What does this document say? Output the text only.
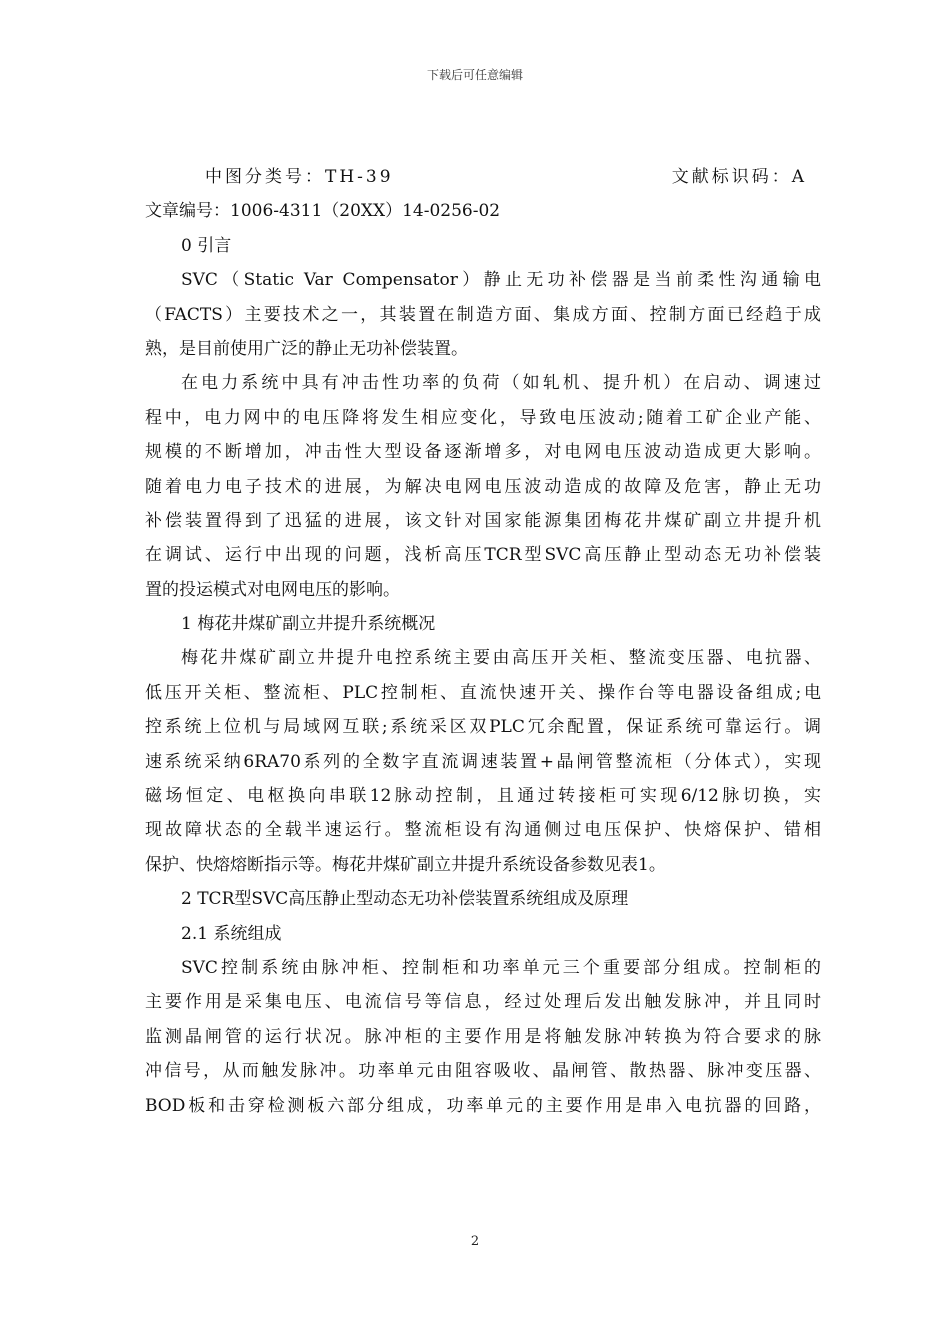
下载后可任意编辑
中图分类号：TH-39	文献标识码：A
文章编号：1006-4311（20XX）14-0256-02
0 引言
SVC（Static Var Compensator）静止无功补偿器是当前柔性沟通输电
（FACTS）主要技术之一，其装置在制造方面、集成方面、控制方面已经趋于成
熟，是目前使用广泛的静止无功补偿装置。
在电力系统中具有冲击性功率的负荷（如轧机、提升机）在启动、调速过
程中，电力网中的电压降将发生相应变化，导致电压波动;随着工矿企业产能、
规模的不断增加，冲击性大型设备逐渐增多，对电网电压波动造成更大影响。
随着电力电子技术的进展，为解决电网电压波动造成的故障及危害，静止无功
补偿装置得到了迅猛的进展，该文针对国家能源集团梅花井煤矿副立井提升机
在调试、运行中出现的问题，浅析高压TCR型SVC高压静止型动态无功补偿装
置的投运模式对电网电压的影响。
1 梅花井煤矿副立井提升系统概况
梅花井煤矿副立井提升电控系统主要由高压开关柜、整流变压器、电抗器、
低压开关柜、整流柜、PLC控制柜、直流快速开关、操作台等电器设备组成;电
控系统上位机与局域网互联;系统采区双PLC冗余配置，保证系统可靠运行。调
速系统采纳6RA70系列的全数字直流调速装置+晶闸管整流柜（分体式），实现
磁场恒定、电枢换向串联12脉动控制，且通过转接柜可实现6/12脉切换，实
现故障状态的全载半速运行。整流柜设有沟通侧过电压保护、快熔保护、错相
保护、快熔熔断指示等。梅花井煤矿副立井提升系统设备参数见表1。
2 TCR型SVC高压静止型动态无功补偿装置系统组成及原理
2.1 系统组成
SVC控制系统由脉冲柜、控制柜和功率单元三个重要部分组成。控制柜的
主要作用是采集电压、电流信号等信息，经过处理后发出触发脉冲，并且同时
监测晶闸管的运行状况。脉冲柜的主要作用是将触发脉冲转换为符合要求的脉
冲信号，从而触发脉冲。功率单元由阻容吸收、晶闸管、散热器、脉冲变压器、
BOD板和击穿检测板六部分组成，功率单元的主要作用是串入电抗器的回路，
2
